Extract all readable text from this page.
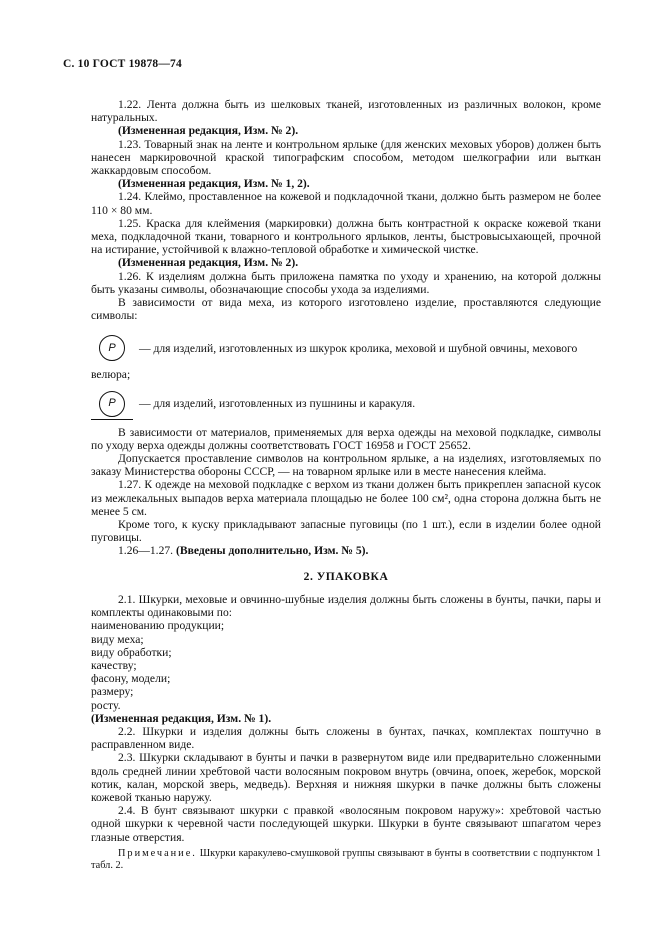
С. 10 ГОСТ 19878—74

1.22. Лента должна быть из шелковых тканей, изготовленных из различных волокон, кроме натуральных.

(Измененная редакция, Изм. № 2).

1.23. Товарный знак на ленте и контрольном ярлыке (для женских меховых уборов) должен быть нанесен маркировочной краской типографским способом, методом шелкографии или выткан жаккардовым способом.

(Измененная редакция, Изм. № 1, 2).

1.24. Клеймо, проставленное на кожевой и подкладочной ткани, должно быть размером не более 110 × 80 мм.

1.25. Краска для клеймения (маркировки) должна быть контрастной к окраске кожевой ткани меха, подкладочной ткани, товарного и контрольного ярлыков, ленты, быстровысыхающей, прочной на истирание, устойчивой к влажно-тепловой обработке и химической чистке.

(Измененная редакция, Изм. № 2).

1.26. К изделиям должна быть приложена памятка по уходу и хранению, на которой должны быть указаны символы, обозначающие способы ухода за изделиями.

В зависимости от вида меха, из которого изготовлено изделие, проставляются следующие символы:

P	— для изделий, изготовленных из шкурок кролика, меховой и шубной овчины, мехового

велюра;

P	— для изделий, изготовленных из пушнины и каракуля.

В зависимости от материалов, применяемых для верха одежды на меховой подкладке, символы по уходу верха одежды должны соответствовать ГОСТ 16958 и ГОСТ 25652.

Допускается проставление символов на контрольном ярлыке, а на изделиях, изготовляемых по заказу Министерства обороны СССР, — на товарном ярлыке или в месте нанесения клейма.

1.27. К одежде на меховой подкладке с верхом из ткани должен быть прикреплен запасной кусок из межлекальных выпадов верха материала площадью не более 100 см², одна сторона должна быть не менее 5 см.

Кроме того, к куску прикладывают запасные пуговицы (по 1 шт.), если в изделии более одной пуговицы.

1.26—1.27. (Введены дополнительно, Изм. № 5).

2. УПАКОВКА

2.1. Шкурки, меховые и овчинно-шубные изделия должны быть сложены в бунты, пачки, пары и комплекты одинаковыми по:

наименованию продукции;

виду меха;

виду обработки;

качеству;

фасону, модели;

размеру;

росту.

(Измененная редакция, Изм. № 1).

2.2. Шкурки и изделия должны быть сложены в бунтах, пачках, комплектах поштучно в расправленном виде.

2.3. Шкурки складывают в бунты и пачки в развернутом виде или предварительно сложенными вдоль средней линии хребтовой части волосяным покровом внутрь (овчина, опоек, жеребок, морской котик, калан, морской зверь, медведь). Верхняя и нижняя шкурки в пачке должны быть сложены кожевой тканью наружу.

2.4. В бунт связывают шкурки с правкой «волосяным покровом наружу»: хребтовой частью одной шкурки к черевной части последующей шкурки. Шкурки в бунте связывают шпагатом через глазные отверстия.

Примечание. Шкурки каракулево-смушковой группы связывают в бунты в соответствии с подпунктом 1 табл. 2.
